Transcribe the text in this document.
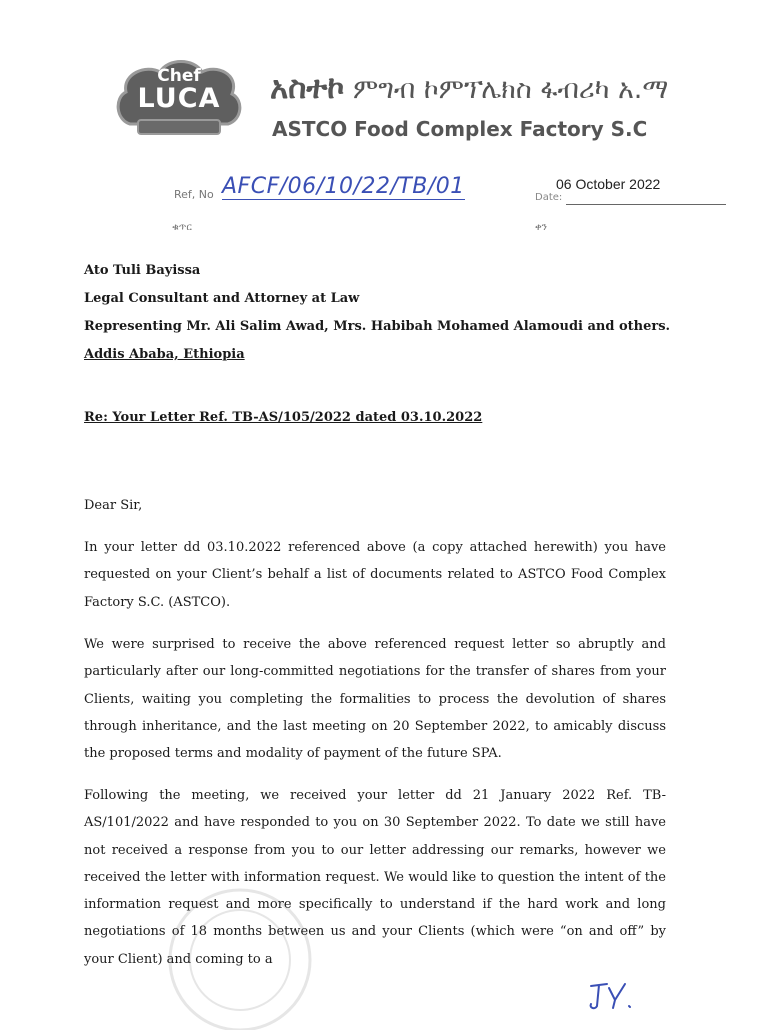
Chef
LUCA	አስተኮ ምግብ ኮምፕሌክስ ፋብሪካ አ.ማ
ASTCO Food Complex Factory S.C
Ref, No AFCF/06/10/22/TB/01
ቁጥር
06 October 2022
Date:
ቀን
Ato Tuli Bayissa
Legal Consultant and Attorney at Law
Representing Mr. Ali Salim Awad, Mrs. Habibah Mohamed Alamoudi and others.
Addis Ababa, Ethiopia
Re: Your Letter Ref. TB-AS/105/2022 dated 03.10.2022
Dear Sir,
In your letter dd 03.10.2022 referenced above (a copy attached herewith) you have requested on your Client’s behalf a list of documents related to ASTCO Food Complex Factory S.C. (ASTCO).
We were surprised to receive the above referenced request letter so abruptly and particularly after our long-committed negotiations for the transfer of shares from your Clients, waiting you completing the formalities to process the devolution of shares through inheritance, and the last meeting on 20 September 2022, to amicably discuss the proposed terms and modality of payment of the future SPA.
Following the meeting, we received your letter dd 21 January 2022 Ref. TB-AS/101/2022 and have responded to you on 30 September 2022. To date we still have not received a response from you to our letter addressing our remarks, however we received the letter with information request. We would like to question the intent of the information request and more specifically to understand if the hard work and long negotiations of 18 months between us and your Clients (which were “on and off” by your Client) and coming to a
